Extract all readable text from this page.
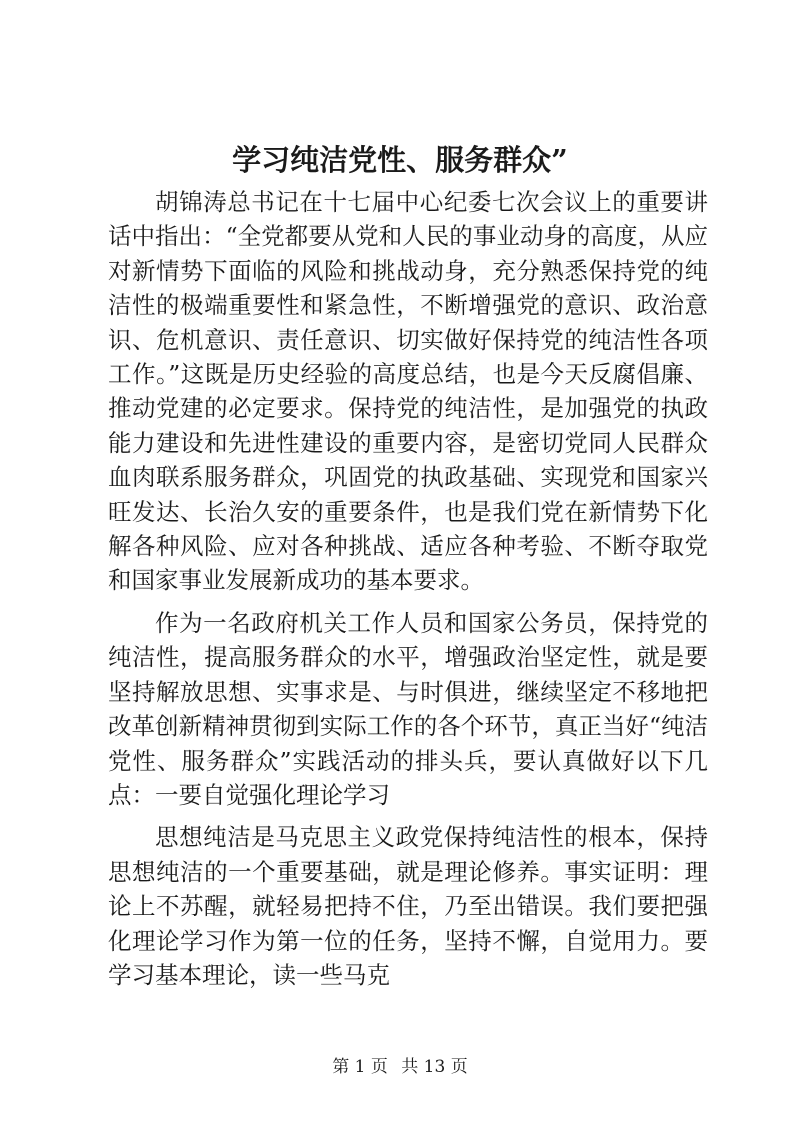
学习纯洁党性、服务群众”

胡锦涛总书记在十七届中心纪委七次会议上的重要讲话中指出：“全党都要从党和人民的事业动身的高度，从应对新情势下面临的风险和挑战动身，充分熟悉保持党的纯洁性的极端重要性和紧急性，不断增强党的意识、政治意识、危机意识、责任意识、切实做好保持党的纯洁性各项工作。”这既是历史经验的高度总结，也是今天反腐倡廉、推动党建的必定要求。保持党的纯洁性，是加强党的执政能力建设和先进性建设的重要内容，是密切党同人民群众血肉联系服务群众，巩固党的执政基础、实现党和国家兴旺发达、长治久安的重要条件，也是我们党在新情势下化解各种风险、应对各种挑战、适应各种考验、不断夺取党和国家事业发展新成功的基本要求。

作为一名政府机关工作人员和国家公务员，保持党的纯洁性，提高服务群众的水平，增强政治坚定性，就是要坚持解放思想、实事求是、与时俱进，继续坚定不移地把改革创新精神贯彻到实际工作的各个环节，真正当好“纯洁党性、服务群众”实践活动的排头兵，要认真做好以下几点：一要自觉强化理论学习

思想纯洁是马克思主义政党保持纯洁性的根本，保持思想纯洁的一个重要基础，就是理论修养。事实证明：理论上不苏醒，就轻易把持不住，乃至出错误。我们要把强化理论学习作为第一位的任务，坚持不懈，自觉用力。要学习基本理论，读一些马克

第 1 页 共 13 页
